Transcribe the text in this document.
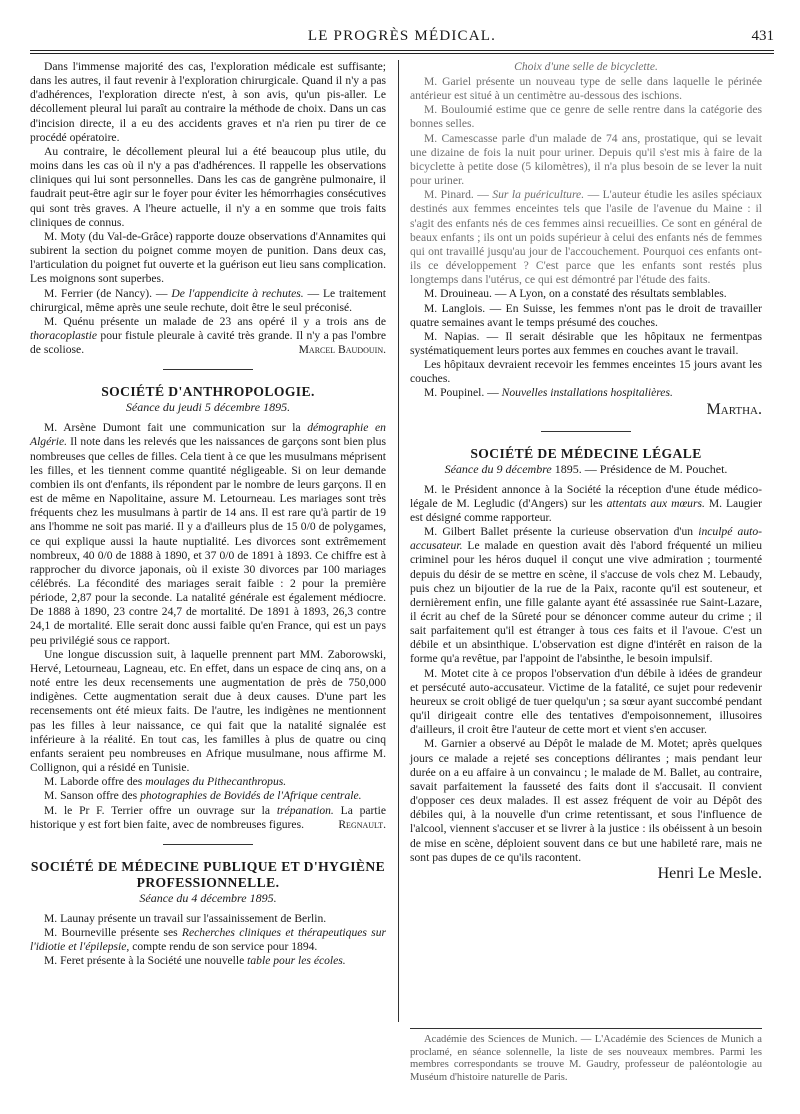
LE PROGRÈS MÉDICAL.	431

Dans l'immense majorité des cas, l'exploration médicale est suffisante; dans les autres, il faut revenir à l'exploration chirurgicale. Quand il n'y a pas d'adhérences, l'exploration directe n'est, à son avis, qu'un pis-aller. Le décollement pleural lui paraît au contraire la méthode de choix. Dans un cas d'incision directe, il a eu des accidents graves et n'a rien pu tirer de ce procédé opératoire.

Au contraire, le décollement pleural lui a été beaucoup plus utile, du moins dans les cas où il n'y a pas d'adhérences. Il rappelle les observations cliniques qui lui sont personnelles. Dans les cas de gangrène pulmonaire, il faudrait peut-être agir sur le foyer pour éviter les hémorrhagies consécutives qui sont très graves. A l'heure actuelle, il n'y a en somme que trois faits cliniques de connus.

M. Moty (du Val-de-Grâce) rapporte douze observations d'Annamites qui subirent la section du poignet comme moyen de punition. Dans deux cas, l'articulation du poignet fut ouverte et la guérison eut lieu sans complication. Les moignons sont superbes.

M. Ferrier (de Nancy). — De l'appendicite à rechutes. — Le traitement chirurgical, même après une seule rechute, doit être le seul préconisé.

M. Quénu présente un malade de 23 ans opéré il y a trois ans de thoracoplastie pour fistule pleurale à cavité très grande. Il n'y a pas l'ombre de scoliose.	Marcel Baudouin.

SOCIÉTÉ D'ANTHROPOLOGIE.
Séance du jeudi 5 décembre 1895.

M. Arsène Dumont fait une communication sur la démographie en Algérie. Il note dans les relevés que les naissances de garçons sont bien plus nombreuses que celles de filles. Cela tient à ce que les musulmans méprisent les filles, et les tiennent comme quantité négligeable. Si on leur demande combien ils ont d'enfants, ils répondent par le nombre de leurs garçons. Il en est de même en Napolitaine, assure M. Letourneau. Les mariages sont très fréquents chez les musulmans à partir de 14 ans. Il est rare qu'à partir de 19 ans l'homme ne soit pas marié. Il y a d'ailleurs plus de 15 0/0 de polygames, ce qui explique aussi la haute nuptialité. Les divorces sont extrêmement nombreux, 40 0/0 de 1888 à 1890, et 37 0/0 de 1891 à 1893. Ce chiffre est à rapprocher du divorce japonais, où il existe 30 divorces par 100 mariages célébrés. La fécondité des mariages serait faible : 2 pour la première période, 2,87 pour la seconde. La natalité générale est également médiocre. De 1888 à 1890, 23 contre 24,7 de mortalité. De 1891 à 1893, 26,3 contre 24,1 de mortalité. Elle serait donc aussi faible qu'en France, qui est un pays peu privilégié sous ce rapport.

Une longue discussion suit, à laquelle prennent part MM. Zaborowski, Hervé, Letourneau, Lagneau, etc. En effet, dans un espace de cinq ans, on a noté entre les deux recensements une augmentation de près de 750,000 indigènes. Cette augmentation serait due à deux causes. D'une part les recensements ont été mieux faits. De l'autre, les indigènes ne mentionnent pas les filles à leur naissance, ce qui fait que la natalité signalée est inférieure à la réalité. En tout cas, les familles à plus de quatre ou cinq enfants seraient peu nombreuses en Afrique musulmane, nous affirme M. Collignon, qui a résidé en Tunisie.

M. Laborde offre des moulages du Pithecanthropus.

M. Sanson offre des photographies de Bovidés de l'Afrique centrale.

M. le Pr F. Terrier offre un ouvrage sur la trépanation. La partie historique y est fort bien faite, avec de nombreuses figures.	Regnault.

SOCIÉTÉ DE MÉDECINE PUBLIQUE ET D'HYGIÈNE
PROFESSIONNELLE.
Séance du 4 décembre 1895.

M. Launay présente un travail sur l'assainissement de Berlin.

M. Bourneville présente ses Recherches cliniques et thérapeutiques sur l'idiotie et l'épilepsie, compte rendu de son service pour 1894.

M. Feret présente à la Société une nouvelle table pour les écoles.

Choix d'une selle de bicyclette.

M. Gariel présente un nouveau type de selle dans laquelle le périnée antérieur est situé à un centimètre au-dessous des ischions.

M. Bouloumié estime que ce genre de selle rentre dans la catégorie des bonnes selles.

M. Camescasse parle d'un malade de 74 ans, prostatique, qui se levait une dizaine de fois la nuit pour uriner. Depuis qu'il s'est mis à faire de la bicyclette à petite dose (5 kilomètres), il n'a plus besoin de se lever la nuit pour uriner.

M. Pinard. — Sur la puériculture. — L'auteur étudie les asiles spéciaux destinés aux femmes enceintes tels que l'asile de l'avenue du Maine : il s'agit des enfants nés de ces femmes ainsi recueillies. Ce sont en général de beaux enfants ; ils ont un poids supérieur à celui des enfants nés de femmes qui ont travaillé jusqu'au jour de l'accouchement. Pourquoi ces enfants ont-ils ce développement ? C'est parce que les enfants sont restés plus longtemps dans l'utérus, ce qui est démontré par l'étude des faits.

M. Drouineau. — A Lyon, on a constaté des résultats semblables.

M. Langlois. — En Suisse, les femmes n'ont pas le droit de travailler quatre semaines avant le temps présumé des couches.

M. Napias. — Il serait désirable que les hôpitaux ne fermentpas systématiquement leurs portes aux femmes en couches avant le travail.

Les hôpitaux devraient recevoir les femmes enceintes 15 jours avant les couches.

M. Poupinel. — Nouvelles installations hospitalières.

Martha.
SOCIÉTÉ DE MÉDECINE LÉGALE
Séance du 9 décembre 1895. — Présidence de M. Pouchet.

M. le Président annonce à la Société la réception d'une étude médico-légale de M. Legludic (d'Angers) sur les attentats aux mœurs. M. Laugier est désigné comme rapporteur.

M. Gilbert Ballet présente la curieuse observation d'un inculpé auto-accusateur. Le malade en question avait dès l'abord fréquenté un milieu criminel pour les héros duquel il conçut une vive admiration ; tourmenté depuis du désir de se mettre en scène, il s'accuse de vols chez M. Lebaudy, puis chez un bijoutier de la rue de la Paix, raconte qu'il est souteneur, et dernièrement enfin, une fille galante ayant été assassinée rue Saint-Lazare, il écrit au chef de la Sûreté pour se dénoncer comme auteur du crime ; il sait parfaitement qu'il est étranger à tous ces faits et il l'avoue. C'est un débile et un absinthique. L'observation est digne d'intérêt en raison de la forme qu'a revêtue, par l'appoint de l'absinthe, le besoin impulsif.

M. Motet cite à ce propos l'observation d'un débile à idées de grandeur et persécuté auto-accusateur. Victime de la fatalité, ce sujet pour redevenir heureux se croit obligé de tuer quelqu'un ; sa sœur ayant succombé pendant qu'il dirigeait contre elle des tentatives d'empoisonnement, illusoires d'ailleurs, il croit être l'auteur de cette mort et vient s'en accuser.

M. Garnier a observé au Dépôt le malade de M. Motet; après quelques jours ce malade a rejeté ses conceptions délirantes ; mais pendant leur durée on a eu affaire à un convaincu ; le malade de M. Ballet, au contraire, savait parfaitement la fausseté des faits dont il s'accusait. Il convient d'opposer ces deux malades. Il est assez fréquent de voir au Dépôt des débiles qui, à la nouvelle d'un crime retentissant, et sous l'influence de l'alcool, viennent s'accuser et se livrer à la justice : ils obéissent à un besoin de mise en scène, déploient souvent dans ce but une habileté rare, mais ne sont pas dupes de ce qu'ils racontent.

Henri Le Mesle.

Académie des Sciences de Munich. — L'Académie des Sciences de Munich a proclamé, en séance solennelle, la liste de ses nouveaux membres. Parmi les membres correspondants se trouve M. Gaudry, professeur de paléontologie au Muséum d'histoire naturelle de Paris.
